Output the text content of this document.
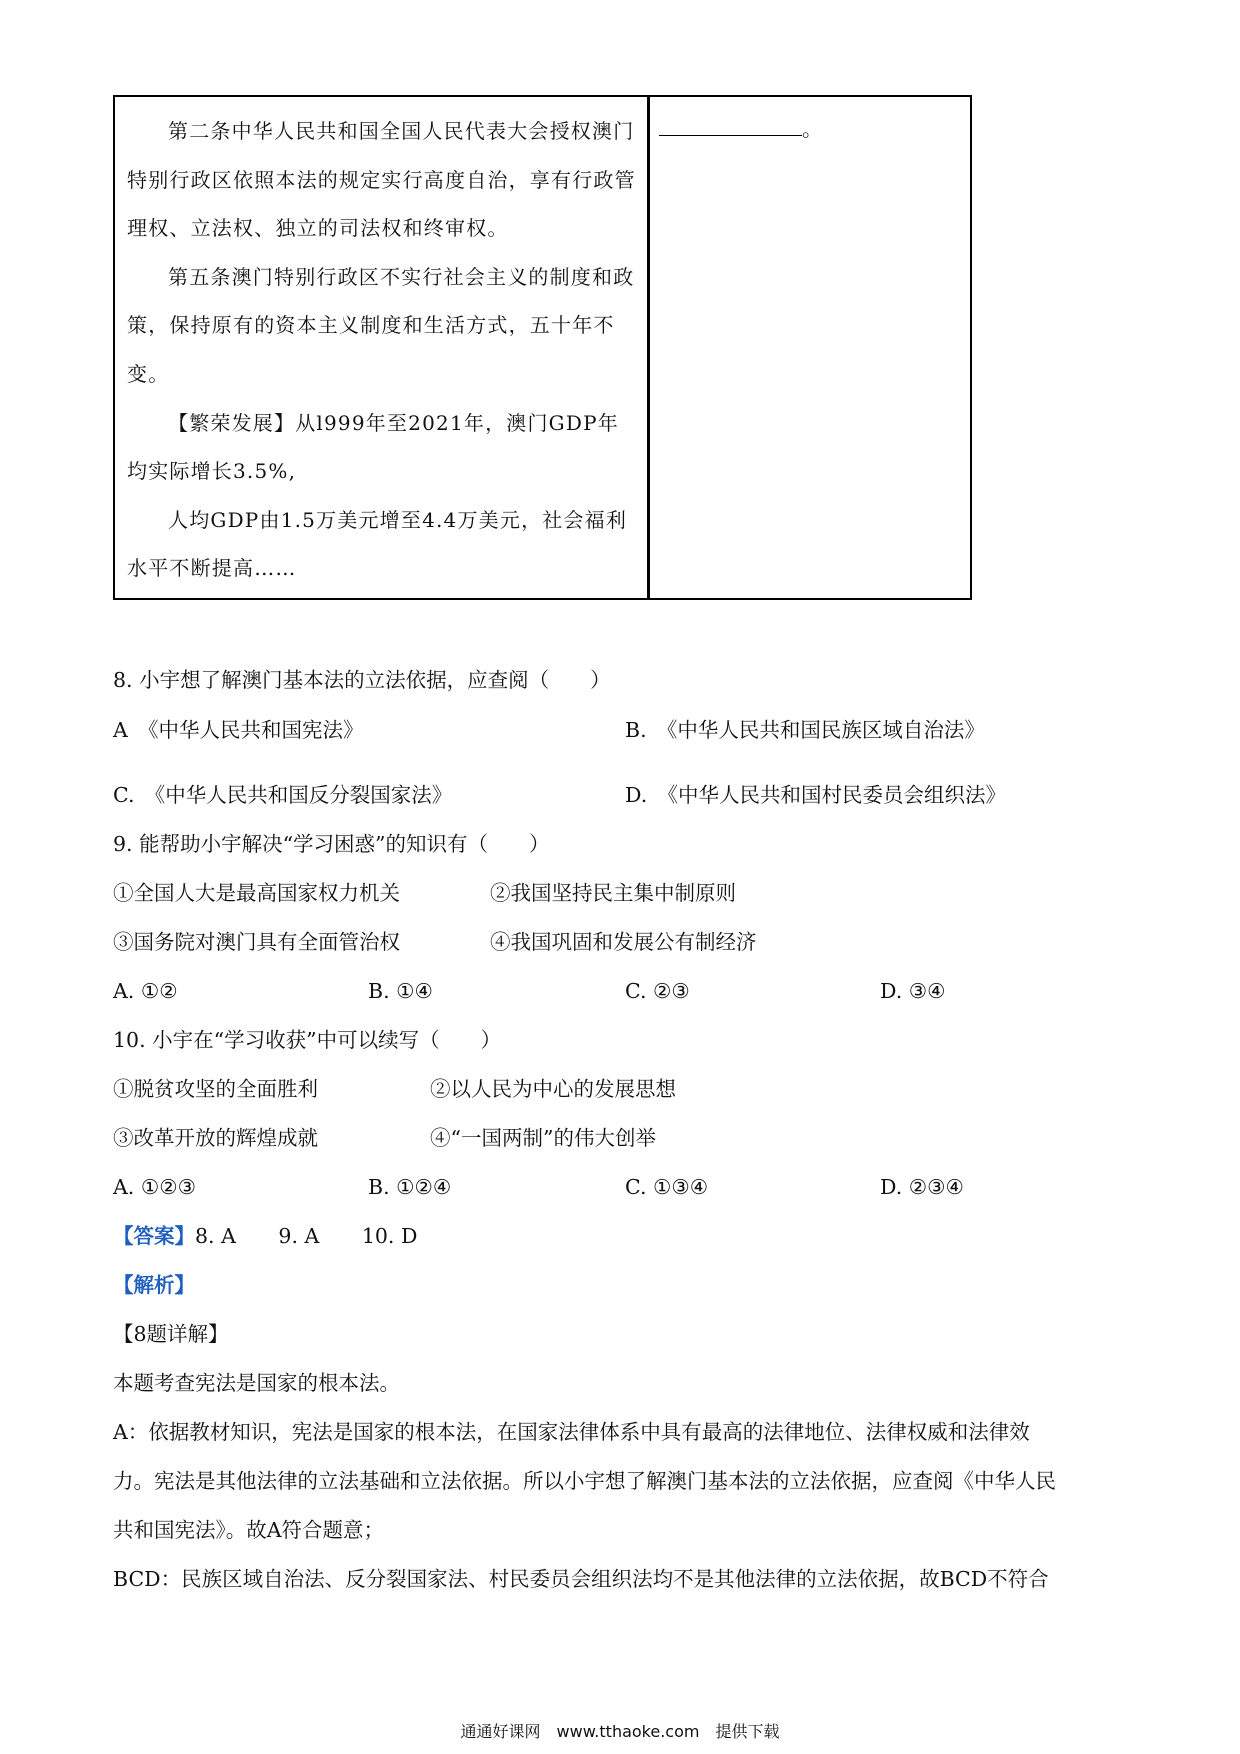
第二条中华人民共和国全国人民代表大会授权澳门特别行政区依照本法的规定实行高度自治，享有行政管理权、立法权、独立的司法权和终审权。

第五条澳门特别行政区不实行社会主义的制度和政策，保持原有的资本主义制度和生活方式，五十年不变。

【繁荣发展】从l999年至2021年，澳门GDP年均实际增长3.5%,

人均GDP由1.5万美元增至4.4万美元，社会福利水平不断提高……

。
8. 小宇想了解澳门基本法的立法依据，应查阅（　　）
A　《中华人民共和国宪法》	B.　《中华人民共和国民族区域自治法》
C.　《中华人民共和国反分裂国家法》	D.　《中华人民共和国村民委员会组织法》
9. 能帮助小宇解决“学习困惑”的知识有（　　）
①全国人大是最高国家权力机关	②我国坚持民主集中制原则
③国务院对澳门具有全面管治权	④我国巩固和发展公有制经济
A. ①②	B. ①④	C. ②③	D. ③④
10. 小宇在“学习收获”中可以续写（　　）
①脱贫攻坚的全面胜利	②以人民为中心的发展思想
③改革开放的辉煌成就	④“一国两制”的伟大创举
A. ①②③	B. ①②④	C. ①③④	D. ②③④
【答案】8. A 9. A 10. D
【解析】
【8题详解】
本题考查宪法是国家的根本法。
A：依据教材知识，宪法是国家的根本法，在国家法律体系中具有最高的法律地位、法律权威和法律效
力。宪法是其他法律的立法基础和立法依据。所以小宇想了解澳门基本法的立法依据，应查阅《中华人民
共和国宪法》。故A符合题意；
BCD：民族区域自治法、反分裂国家法、村民委员会组织法均不是其他法律的立法依据，故BCD不符合
通通好课网　www.tthaoke.com　提供下载
